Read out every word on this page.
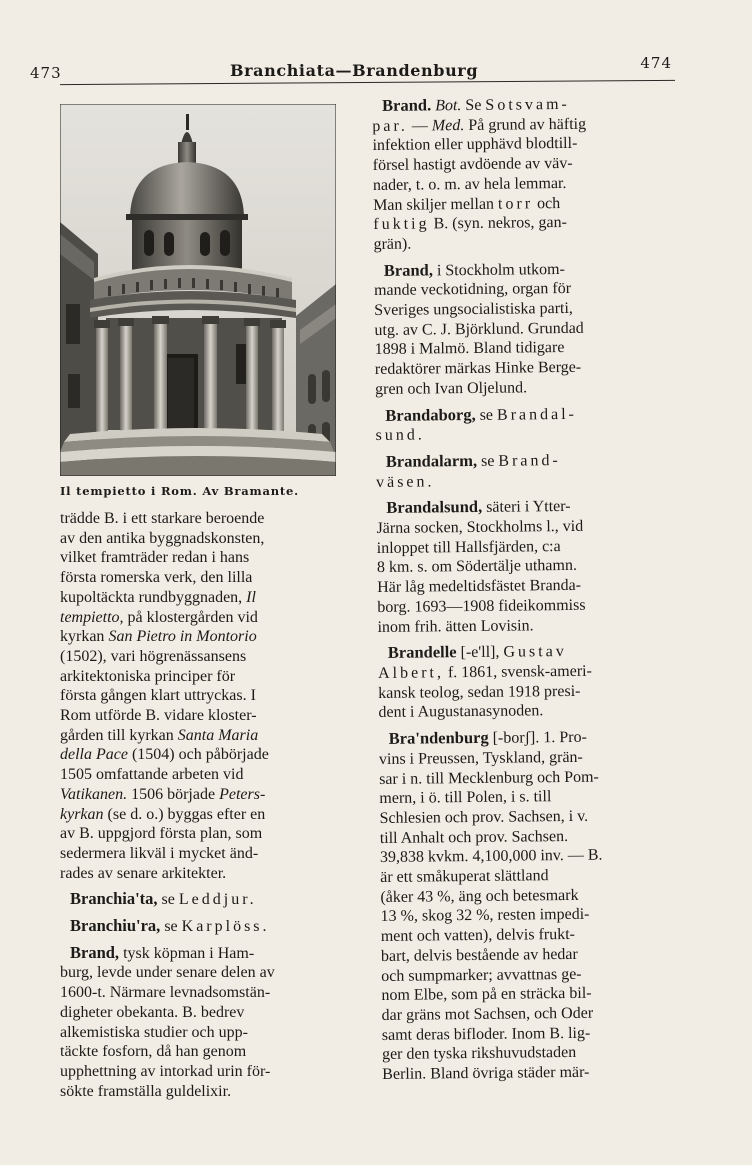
473	Branchiata—Brandenburg	474
Il tempietto i Rom. Av Bramante.
trädde B. i ett starkare beroende
av den antika byggnadskonsten,
vilket framträder redan i hans
första romerska verk, den lilla
kupoltäckta rundbyggnaden, Il
tempietto, på klostergården vid
kyrkan San Pietro in Montorio
(1502), vari högrenässansens
arkitektoniska principer för
första gången klart uttryckas. I
Rom utförde B. vidare kloster-
gården till kyrkan Santa Maria
della Pace (1504) och påbörjade
1505 omfattande arbeten vid
Vatikanen. 1506 började Peters-
kyrkan (se d. o.) byggas efter en
av B. uppgjord första plan, som
sedermera likväl i mycket änd-
rades av senare arkitekter.
Branchia'ta, se Leddjur.
Branchiu'ra, se Karplöss.
Brand, tysk köpman i Ham-
burg, levde under senare delen av
1600-t. Närmare levnadsomstän-
digheter obekanta. B. bedrev
alkemistiska studier och upp-
täckte fosforn, då han genom
upphettning av intorkad urin för-
sökte framställa guldelixir.
Brand. Bot. Se Sotsvam-
par. — Med. På grund av häftig
infektion eller upphävd blodtill-
försel hastigt avdöende av väv-
nader, t. o. m. av hela lemmar.
Man skiljer mellan torr och
fuktig B. (syn. nekros, gan-
grän).
Brand, i Stockholm utkom-
mande veckotidning, organ för
Sveriges ungsocialistiska parti,
utg. av C. J. Björklund. Grundad
1898 i Malmö. Bland tidigare
redaktörer märkas Hinke Berge-
gren och Ivan Oljelund.
Brandaborg, se Brandal-
sund.
Brandalarm, se Brand-
väsen.
Brandalsund, säteri i Ytter-
Järna socken, Stockholms l., vid
inloppet till Hallsfjärden, c:a
8 km. s. om Södertälje uthamn.
Här låg medeltidsfästet Branda-
borg. 1693—1908 fideikommiss
inom frih. ätten Lovisin.
Brandelle [-e'll], Gustav
Albert, f. 1861, svensk-ameri-
kansk teolog, sedan 1918 presi-
dent i Augustanasynoden.
Bra'ndenburg [-borʃ]. 1. Pro-
vins i Preussen, Tyskland, grän-
sar i n. till Mecklenburg och Pom-
mern, i ö. till Polen, i s. till
Schlesien och prov. Sachsen, i v.
till Anhalt och prov. Sachsen.
39,838 kvkm. 4,100,000 inv. — B.
är ett småkuperat slättland
(åker 43 %, äng och betesmark
13 %, skog 32 %, resten impedi-
ment och vatten), delvis frukt-
bart, delvis bestående av hedar
och sumpmarker; avvattnas ge-
nom Elbe, som på en sträcka bil-
dar gräns mot Sachsen, och Oder
samt deras bifloder. Inom B. lig-
ger den tyska rikshuvudstaden
Berlin. Bland övriga städer mär-
